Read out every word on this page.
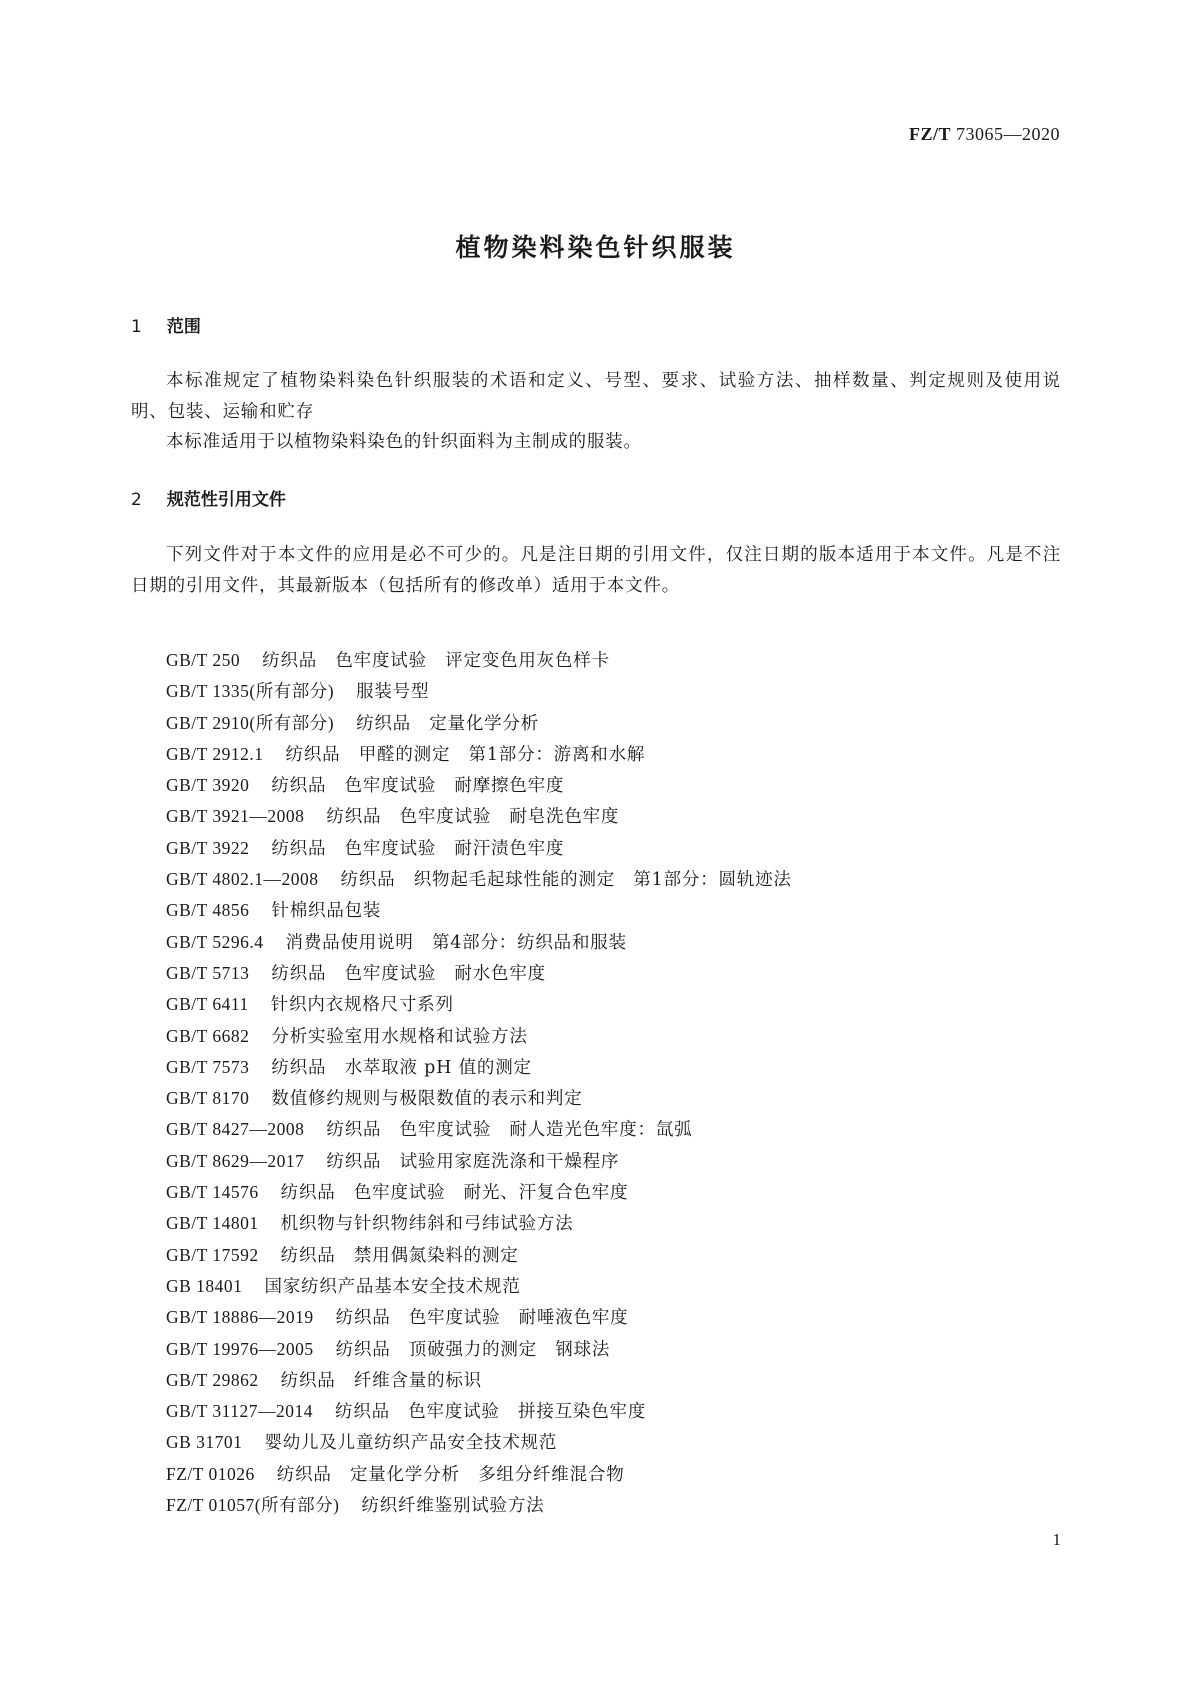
FZ/T 73065—2020
植物染料染色针织服装
1 范围
本标准规定了植物染料染色针织服装的术语和定义、号型、要求、试验方法、抽样数量、判定规则及使用说明、包装、运输和贮存
本标准适用于以植物染料染色的针织面料为主制成的服装。
2 规范性引用文件
下列文件对于本文件的应用是必不可少的。凡是注日期的引用文件，仅注日期的版本适用于本文件。凡是不注日期的引用文件，其最新版本（包括所有的修改单）适用于本文件。
GB/T 250 纺织品　色牢度试验　评定变色用灰色样卡
GB/T 1335(所有部分) 服装号型
GB/T 2910(所有部分) 纺织品　定量化学分析
GB/T 2912.1 纺织品　甲醛的测定　第1部分：游离和水解
GB/T 3920 纺织品　色牢度试验　耐摩擦色牢度
GB/T 3921—2008 纺织品　色牢度试验　耐皂洗色牢度
GB/T 3922 纺织品　色牢度试验　耐汗渍色牢度
GB/T 4802.1—2008 纺织品　织物起毛起球性能的测定　第1部分：圆轨迹法
GB/T 4856 针棉织品包装
GB/T 5296.4 消费品使用说明　第4部分：纺织品和服装
GB/T 5713 纺织品　色牢度试验　耐水色牢度
GB/T 6411 针织内衣规格尺寸系列
GB/T 6682 分析实验室用水规格和试验方法
GB/T 7573 纺织品　水萃取液 pH 值的测定
GB/T 8170 数值修约规则与极限数值的表示和判定
GB/T 8427—2008 纺织品　色牢度试验　耐人造光色牢度：氙弧
GB/T 8629—2017 纺织品　试验用家庭洗涤和干燥程序
GB/T 14576 纺织品　色牢度试验　耐光、汗复合色牢度
GB/T 14801 机织物与针织物纬斜和弓纬试验方法
GB/T 17592 纺织品　禁用偶氮染料的测定
GB 18401 国家纺织产品基本安全技术规范
GB/T 18886—2019 纺织品　色牢度试验　耐唾液色牢度
GB/T 19976—2005 纺织品　顶破强力的测定　钢球法
GB/T 29862 纺织品　纤维含量的标识
GB/T 31127—2014 纺织品　色牢度试验　拼接互染色牢度
GB 31701 婴幼儿及儿童纺织产品安全技术规范
FZ/T 01026 纺织品　定量化学分析　多组分纤维混合物
FZ/T 01057(所有部分) 纺织纤维鉴别试验方法
1
